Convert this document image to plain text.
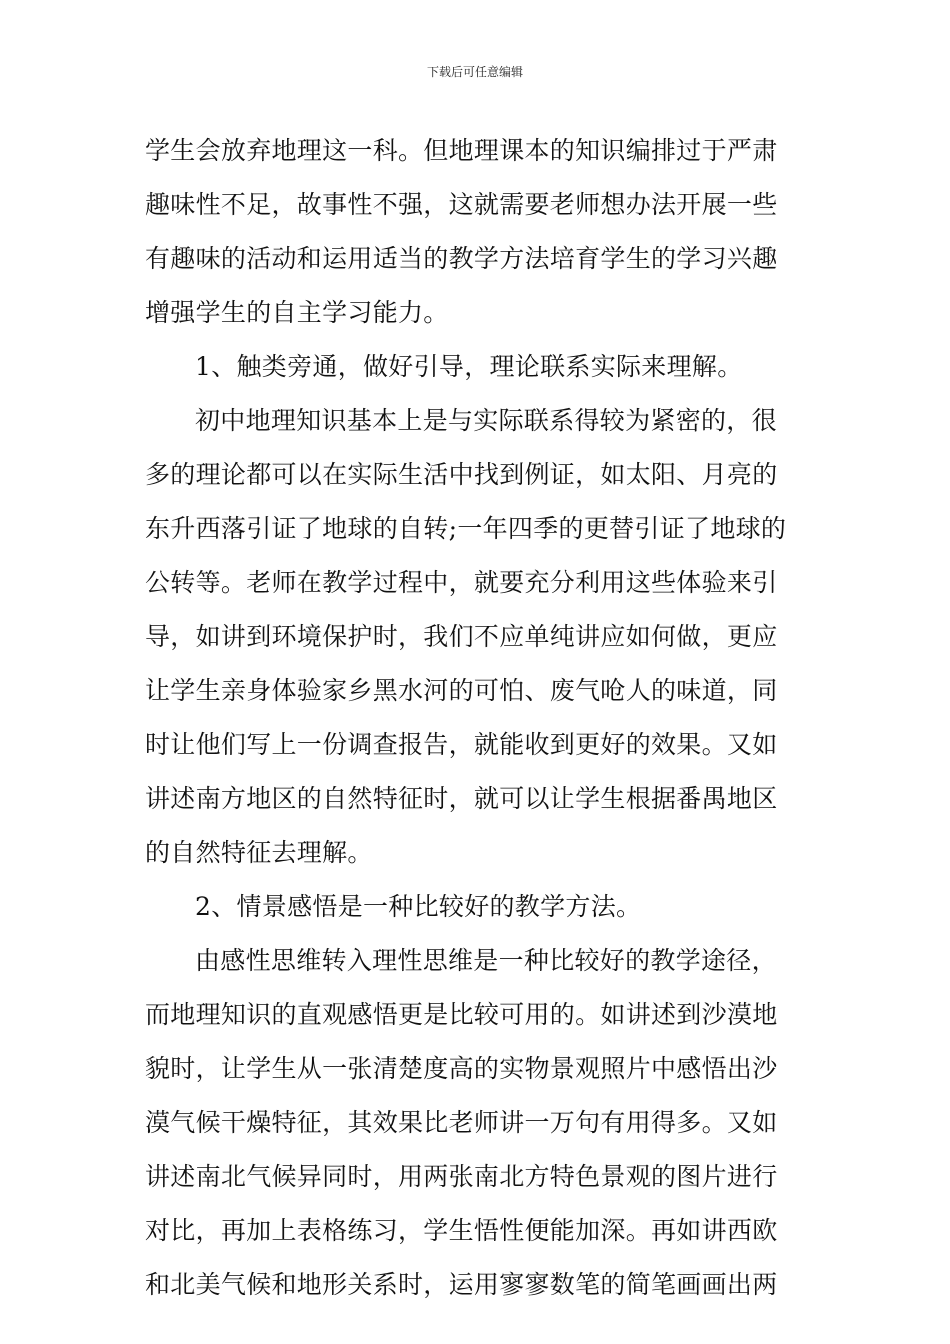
下载后可任意编辑
学生会放弃地理这一科。但地理课本的知识编排过于严肃
趣味性不足，故事性不强，这就需要老师想办法开展一些
有趣味的活动和运用适当的教学方法培育学生的学习兴趣
增强学生的自主学习能力。
1、触类旁通，做好引导，理论联系实际来理解。
初中地理知识基本上是与实际联系得较为紧密的，很
多的理论都可以在实际生活中找到例证，如太阳、月亮的
东升西落引证了地球的自转;一年四季的更替引证了地球的
公转等。老师在教学过程中，就要充分利用这些体验来引
导，如讲到环境保护时，我们不应单纯讲应如何做，更应
让学生亲身体验家乡黑水河的可怕、废气呛人的味道，同
时让他们写上一份调查报告，就能收到更好的效果。又如
讲述南方地区的自然特征时，就可以让学生根据番禺地区
的自然特征去理解。
2、情景感悟是一种比较好的教学方法。
由感性思维转入理性思维是一种比较好的教学途径，
而地理知识的直观感悟更是比较可用的。如讲述到沙漠地
貌时，让学生从一张清楚度高的实物景观照片中感悟出沙
漠气候干燥特征，其效果比老师讲一万句有用得多。又如
讲述南北气候异同时，用两张南北方特色景观的图片进行
对比，再加上表格练习，学生悟性便能加深。再如讲西欧
和北美气候和地形关系时，运用寥寥数笔的简笔画画出两
